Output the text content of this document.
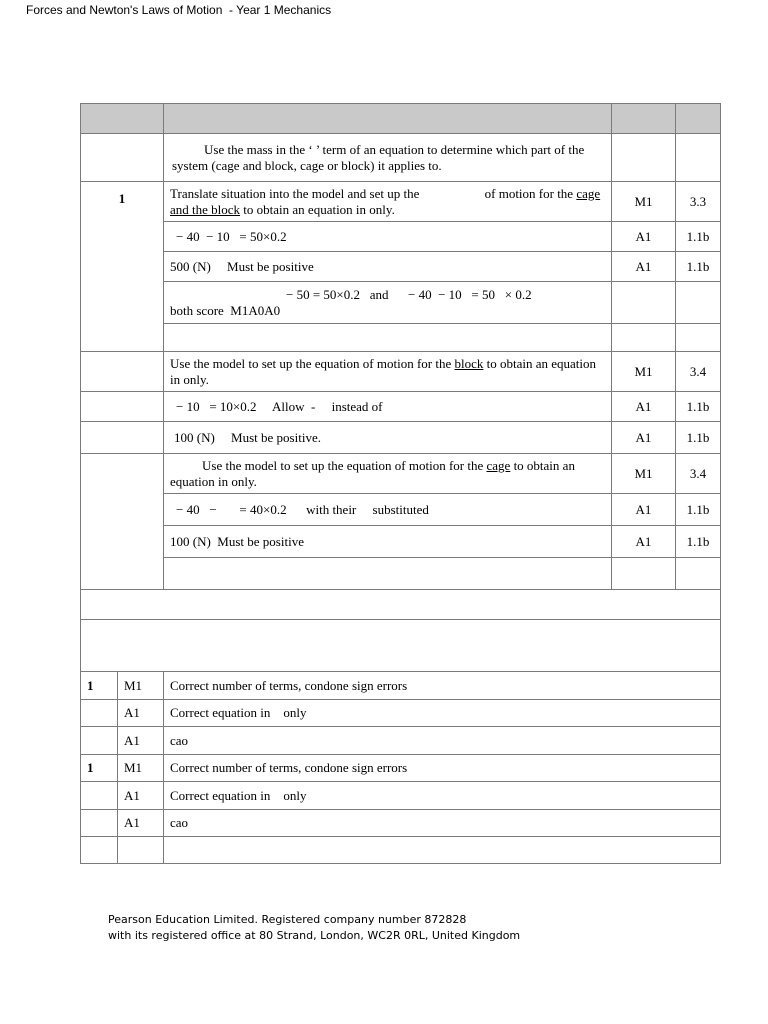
Forces and Newton's Laws of Motion  - Year 1 Mechanics

	Use the mass in the ‘ ’ term of an equation to determine which part of the system (cage and block, cage or block) it applies to.		

1	Translate situation into the model and set up the of motion for the cage and the block to obtain an equation in only.	M1	3.3
	− 40  − 10   = 50×0.2	A1	1.1b
	500 (N)     Must be positive	A1	1.1b

	− 50 = 50×0.2   and      − 40  − 10   = 50   × 0.2
both score  M1A0A0		

	Use the model to set up the equation of motion for the block to obtain an equation in only.	M1	3.4
	− 10   = 10×0.2     Allow  -     instead of	A1	1.1b
	100 (N)     Must be positive.	A1	1.1b
	Use the model to set up the equation of motion for the cage to obtain an equation in only.	M1	3.4
	− 40   −       = 40×0.2      with their     substituted	A1	1.1b
	100 (N)  Must be positive	A1	1.1b

1	M1	Correct number of terms, condone sign errors
	A1	Correct equation in    only
	A1	cao
1	M1	Correct number of terms, condone sign errors
	A1	Correct equation in    only
	A1	cao

Pearson Education Limited. Registered company number 872828
with its registered office at 80 Strand, London, WC2R 0RL, United Kingdom
